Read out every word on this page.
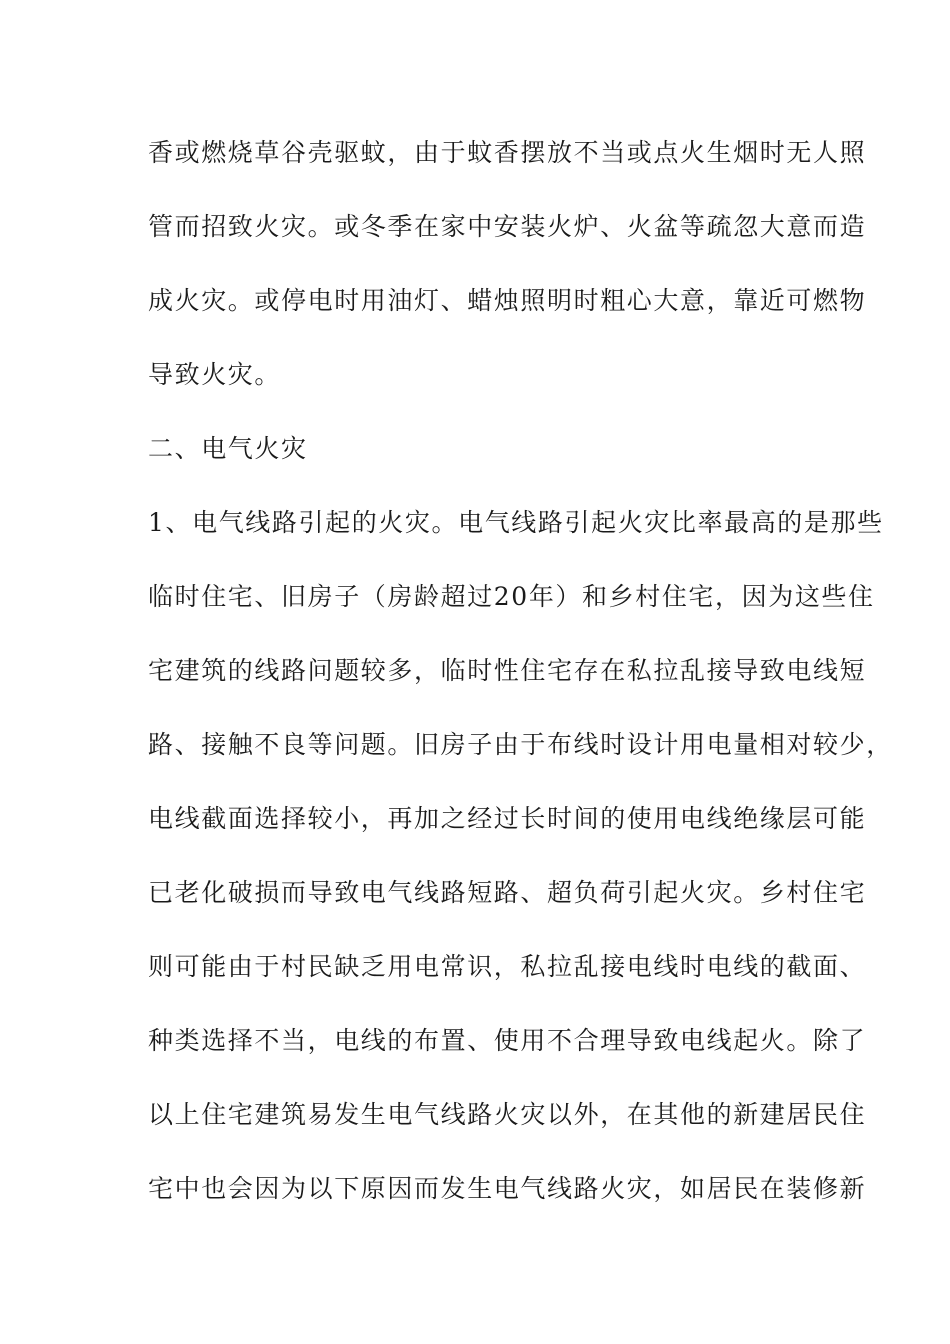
香或燃烧草谷壳驱蚊，由于蚊香摆放不当或点火生烟时无人照

管而招致火灾。或冬季在家中安装火炉、火盆等疏忽大意而造

成火灾。或停电时用油灯、蜡烛照明时粗心大意，靠近可燃物

导致火灾。

二、电气火灾

1、电气线路引起的火灾。电气线路引起火灾比率最高的是那些

临时住宅、旧房子（房龄超过20年）和乡村住宅，因为这些住

宅建筑的线路问题较多，临时性住宅存在私拉乱接导致电线短

路、接触不良等问题。旧房子由于布线时设计用电量相对较少，

电线截面选择较小，再加之经过长时间的使用电线绝缘层可能

已老化破损而导致电气线路短路、超负荷引起火灾。乡村住宅

则可能由于村民缺乏用电常识，私拉乱接电线时电线的截面、

种类选择不当，电线的布置、使用不合理导致电线起火。除了

以上住宅建筑易发生电气线路火灾以外，在其他的新建居民住

宅中也会因为以下原因而发生电气线路火灾，如居民在装修新
